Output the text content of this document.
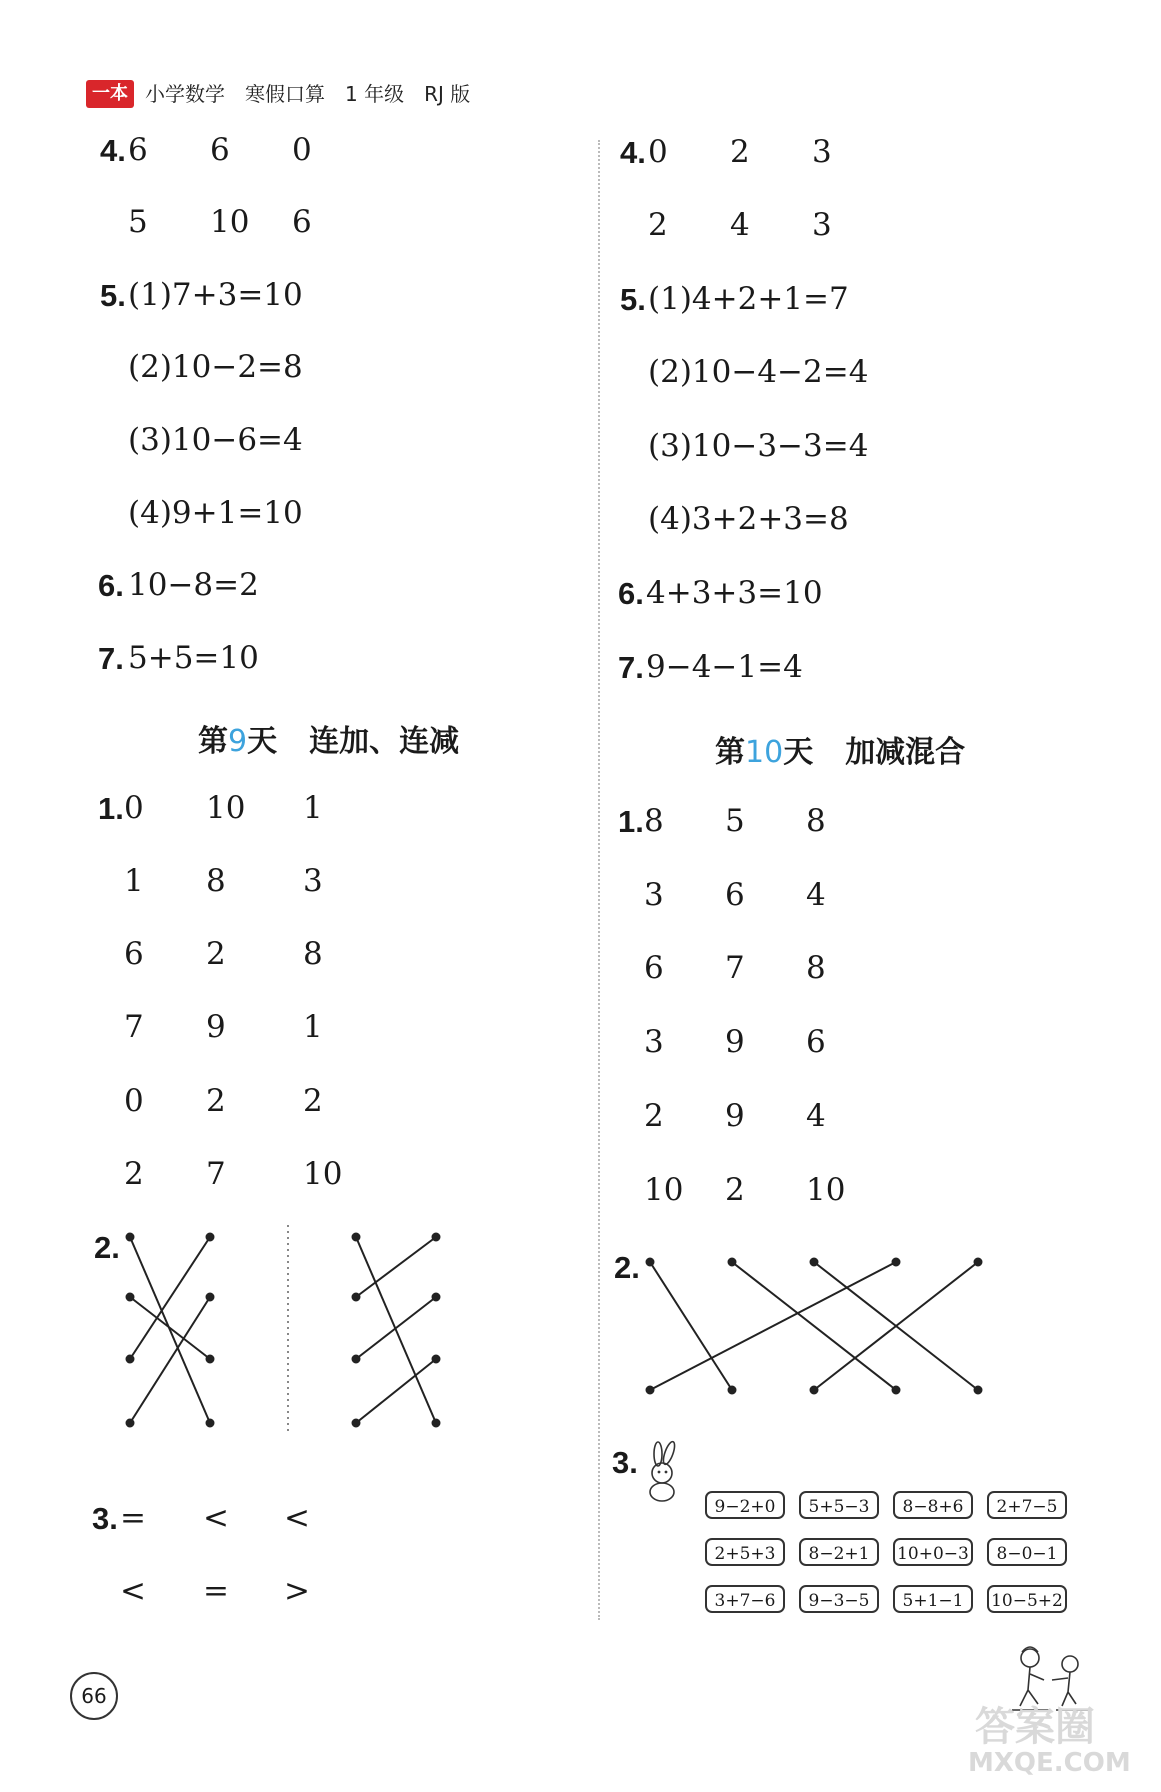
一本 小学数学　寒假口算　1 年级　RJ 版
4. 6 6 0
5 10 6
5. (1)7+3=10
(2)10−2=8
(3)10−6=4
(4)9+1=10
6. 10−8=2
7. 5+5=10
第9天 连加、连减
1. 0 10 1
1 8 3
6 2 8
7 9 1
0 2 2
2 7 10
2.
3. = < <
< = >
4. 0 2 3
2 4 3
5. (1)4+2+1=7
(2)10−4−2=4
(3)10−3−3=4
(4)3+2+3=8
6. 4+3+3=10
7. 9−4−1=4
第10天 加减混合
1. 8 5 8
3 6 4
6 7 8
3 9 6
2 9 4
10 2 10
2.
3.
9−2+0	5+5−3	8−8+6	2+7−5
2+5+3	8−2+1	10+0−3	8−0−1
3+7−6	9−3−5	5+1−1	10−5+2
66
答案圈
MXQE.COM
